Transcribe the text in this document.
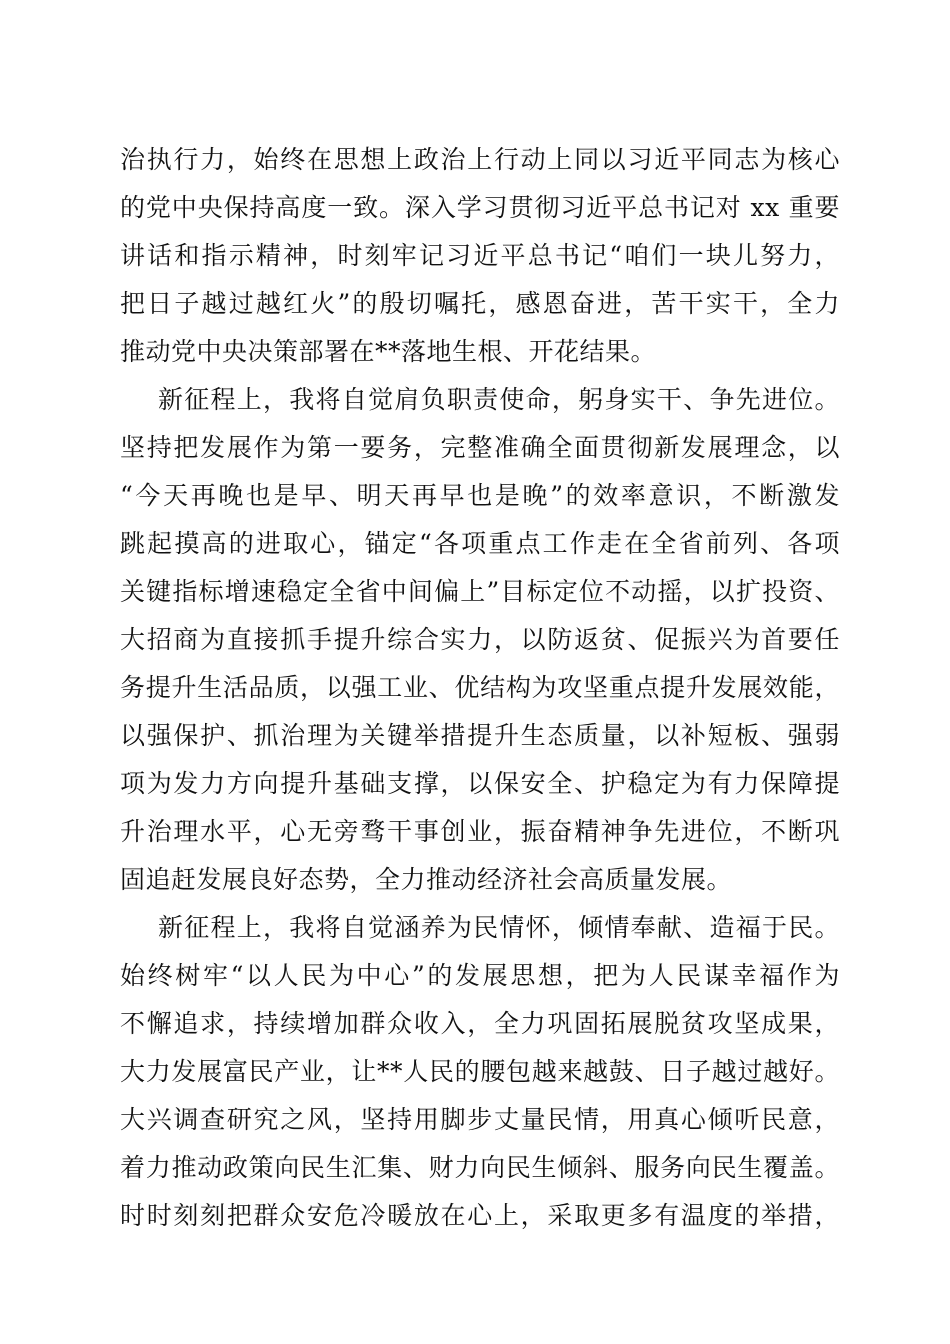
治执行力，始终在思想上政治上行动上同以习近平同志为核心
的党中央保持高度一致。深入学习贯彻习近平总书记对 xx 重要
讲话和指示精神，时刻牢记习近平总书记“咱们一块儿努力，
把日子越过越红火”的殷切嘱托，感恩奋进，苦干实干，全力
推动党中央决策部署在**落地生根、开花结果。
新征程上，我将自觉肩负职责使命，躬身实干、争先进位。
坚持把发展作为第一要务，完整准确全面贯彻新发展理念，以
“今天再晚也是早、明天再早也是晚”的效率意识，不断激发
跳起摸高的进取心，锚定“各项重点工作走在全省前列、各项
关键指标增速稳定全省中间偏上”目标定位不动摇，以扩投资、
大招商为直接抓手提升综合实力，以防返贫、促振兴为首要任
务提升生活品质，以强工业、优结构为攻坚重点提升发展效能，
以强保护、抓治理为关键举措提升生态质量，以补短板、强弱
项为发力方向提升基础支撑，以保安全、护稳定为有力保障提
升治理水平，心无旁骛干事创业，振奋精神争先进位，不断巩
固追赶发展良好态势，全力推动经济社会高质量发展。
新征程上，我将自觉涵养为民情怀，倾情奉献、造福于民。
始终树牢“以人民为中心”的发展思想，把为人民谋幸福作为
不懈追求，持续增加群众收入，全力巩固拓展脱贫攻坚成果，
大力发展富民产业，让**人民的腰包越来越鼓、日子越过越好。
大兴调查研究之风，坚持用脚步丈量民情，用真心倾听民意，
着力推动政策向民生汇集、财力向民生倾斜、服务向民生覆盖。
时时刻刻把群众安危冷暖放在心上，采取更多有温度的举措，
